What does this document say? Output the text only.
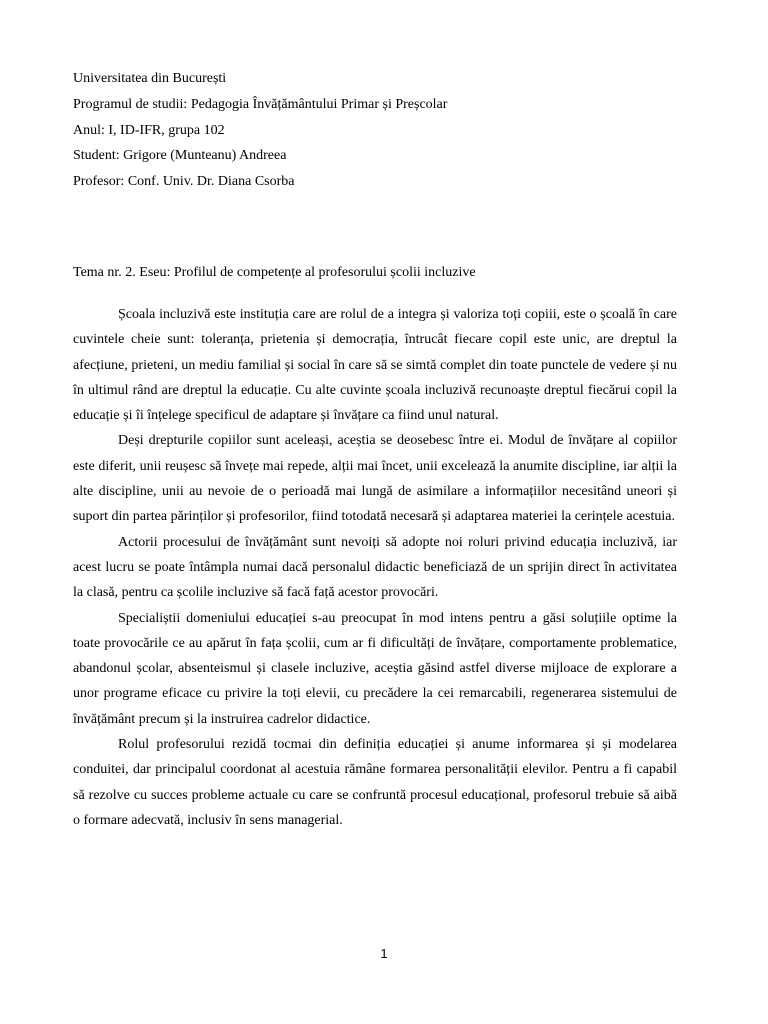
Universitatea din București
Programul de studii: Pedagogia Învățământului Primar și Preșcolar
Anul: I, ID-IFR, grupa 102
Student: Grigore (Munteanu) Andreea
Profesor: Conf. Univ. Dr. Diana Csorba
Tema nr. 2. Eseu: Profilul de competențe al profesorului școlii incluzive

Școala incluzivă este instituția care are rolul de a integra și valoriza toți copiii, este o școală în care cuvintele cheie sunt: toleranța, prietenia și democrația, întrucât fiecare copil este unic, are dreptul la afecțiune, prieteni, un mediu familial și social în care să se simtă complet din toate punctele de vedere și nu în ultimul rând are dreptul la educație. Cu alte cuvinte școala incluzivă recunoaște dreptul fiecărui copil la educație și îi înțelege specificul de adaptare și învățare ca fiind unul natural.

Deși drepturile copiilor sunt aceleași, aceștia se deosebesc între ei. Modul de învățare al copiilor este diferit, unii reușesc să învețe mai repede, alții mai încet, unii excelează la anumite discipline, iar alții la alte discipline, unii au nevoie de o perioadă mai lungă de asimilare a informațiilor necesitând uneori și suport din partea părinților și profesorilor, fiind totodată necesară și adaptarea materiei la cerințele acestuia.

Actorii procesului de învățământ sunt nevoiți să adopte noi roluri privind educația incluzivă, iar acest lucru se poate întâmpla numai dacă personalul didactic beneficiază de un sprijin direct în activitatea la clasă, pentru ca școlile incluzive să facă față acestor provocări.

Specialiștii domeniului educației s-au preocupat în mod intens pentru a găsi soluțiile optime la toate provocările ce au apărut în fața școlii, cum ar fi dificultăți de învățare, comportamente problematice, abandonul școlar, absenteismul și clasele incluzive, aceștia găsind astfel diverse mijloace de explorare a unor programe eficace cu privire la toți elevii, cu precădere la cei remarcabili, regenerarea sistemului de învățământ precum și la instruirea cadrelor didactice.

Rolul profesorului rezidă tocmai din definiția educației și anume informarea și și modelarea conduitei, dar principalul coordonat al acestuia rămâne formarea personalității elevilor. Pentru a fi capabil să rezolve cu succes probleme actuale cu care se confruntă procesul educațional, profesorul trebuie să aibă o formare adecvată, inclusiv în sens managerial.

1
